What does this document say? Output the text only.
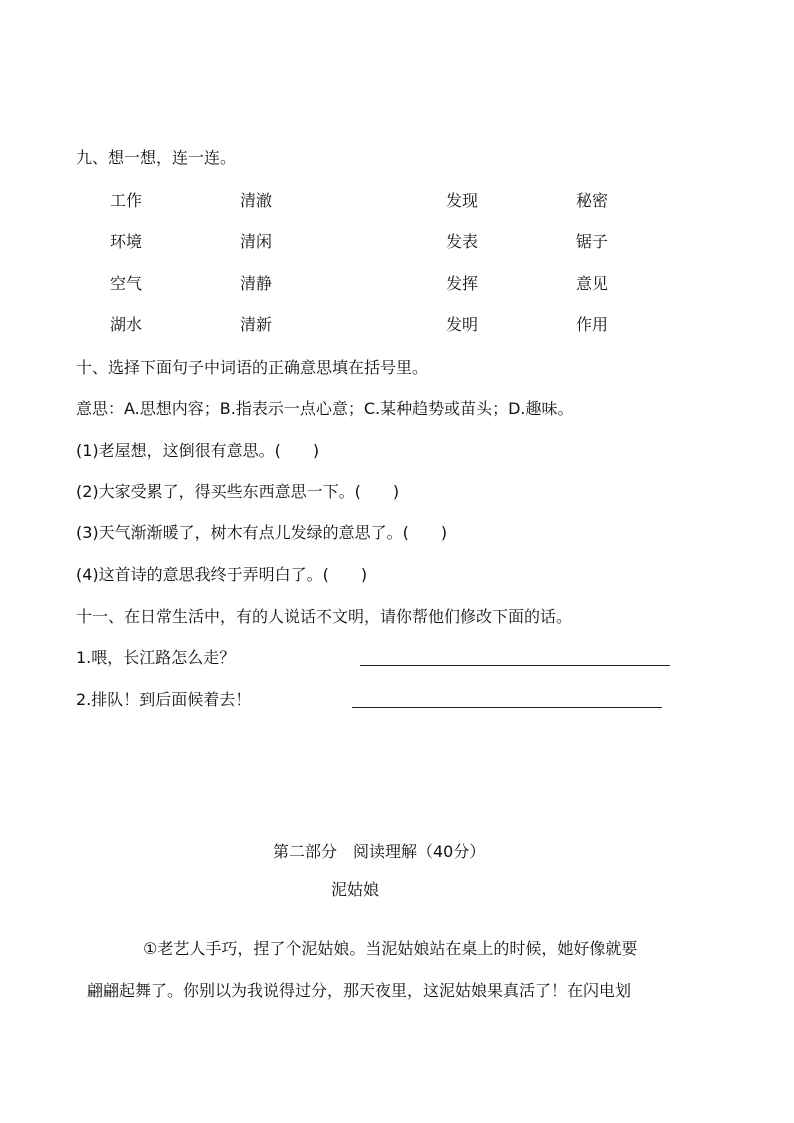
九、想一想，连一连。
工作
环境
空气
湖水
清澈
清闲
清静
清新
发现
发表
发挥
发明
秘密
锯子
意见
作用
十、选择下面句子中词语的正确意思填在括号里。
意思：A.思想内容；B.指表示一点心意；C.某种趋势或苗头；D.趣味。
(1)老屋想，这倒很有意思。(　　)
(2)大家受累了，得买些东西意思一下。(　　)
(3)天气渐渐暖了，树木有点儿发绿的意思了。(　　)
(4)这首诗的意思我终于弄明白了。(　　)
十一、在日常生活中，有的人说话不文明，请你帮他们修改下面的话。
1.喂，长江路怎么走？
2.排队！到后面候着去！
第二部分　阅读理解（40分）
泥姑娘
①老艺人手巧，捏了个泥姑娘。当泥姑娘站在桌上的时候，她好像就要
翩翩起舞了。你别以为我说得过分，那天夜里，这泥姑娘果真活了！在闪电划
